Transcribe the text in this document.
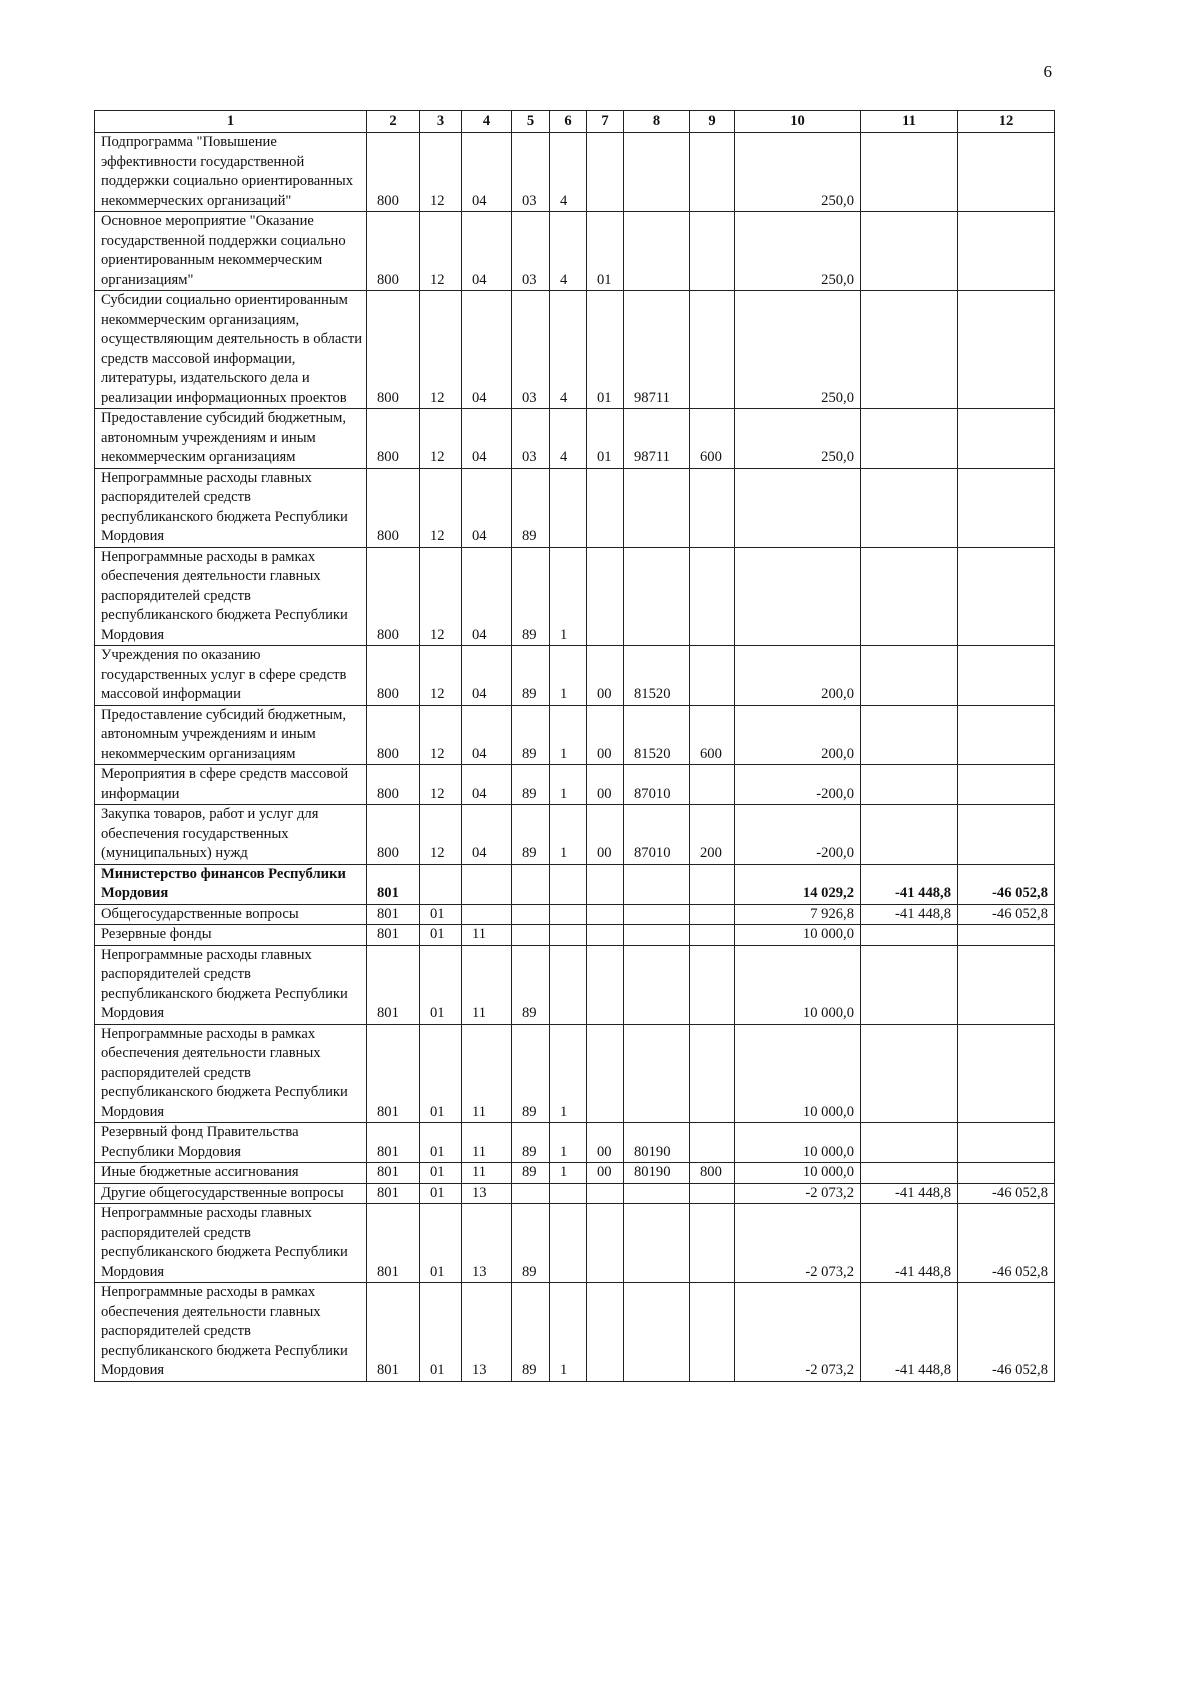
6
1	2	3	4	5	6	7	8	9	10	11	12
Подпрограмма "Повышение эффективности государственной поддержки социально ориентированных некоммерческих организаций"	800	12	04	03	4				250,0		
Основное мероприятие "Оказание государственной поддержки социально ориентированным некоммерческим организациям"	800	12	04	03	4	01			250,0		
Субсидии социально ориентированным некоммерческим организациям, осуществляющим деятельность в области средств массовой информации, литературы, издательского дела и реализации информационных проектов	800	12	04	03	4	01	98711		250,0		
Предоставление субсидий бюджетным, автономным учреждениям и иным некоммерческим организациям	800	12	04	03	4	01	98711	600	250,0		
Непрограммные расходы главных распорядителей средств республиканского бюджета Республики Мордовия	800	12	04	89							
Непрограммные расходы в рамках обеспечения деятельности главных распорядителей средств республиканского бюджета Республики Мордовия	800	12	04	89	1						
Учреждения по оказанию государственных услуг в сфере средств массовой информации	800	12	04	89	1	00	81520		200,0		
Предоставление субсидий бюджетным, автономным учреждениям и иным некоммерческим организациям	800	12	04	89	1	00	81520	600	200,0		
Мероприятия в сфере средств массовой информации	800	12	04	89	1	00	87010		-200,0		
Закупка товаров, работ и услуг для обеспечения государственных (муниципальных) нужд	800	12	04	89	1	00	87010	200	-200,0		
Министерство финансов Республики Мордовия	801								14 029,2	-41 448,8	-46 052,8
Общегосударственные вопросы	801	01							7 926,8	-41 448,8	-46 052,8
Резервные фонды	801	01	11						10 000,0		
Непрограммные расходы главных распорядителей средств республиканского бюджета Республики Мордовия	801	01	11	89					10 000,0		
Непрограммные расходы в рамках обеспечения деятельности главных распорядителей средств республиканского бюджета Республики Мордовия	801	01	11	89	1				10 000,0		
Резервный фонд Правительства Республики Мордовия	801	01	11	89	1	00	80190		10 000,0		
Иные бюджетные ассигнования	801	01	11	89	1	00	80190	800	10 000,0		
Другие общегосударственные вопросы	801	01	13						-2 073,2	-41 448,8	-46 052,8
Непрограммные расходы главных распорядителей средств республиканского бюджета Республики Мордовия	801	01	13	89					-2 073,2	-41 448,8	-46 052,8
Непрограммные расходы в рамках обеспечения деятельности главных распорядителей средств республиканского бюджета Республики Мордовия	801	01	13	89	1				-2 073,2	-41 448,8	-46 052,8
